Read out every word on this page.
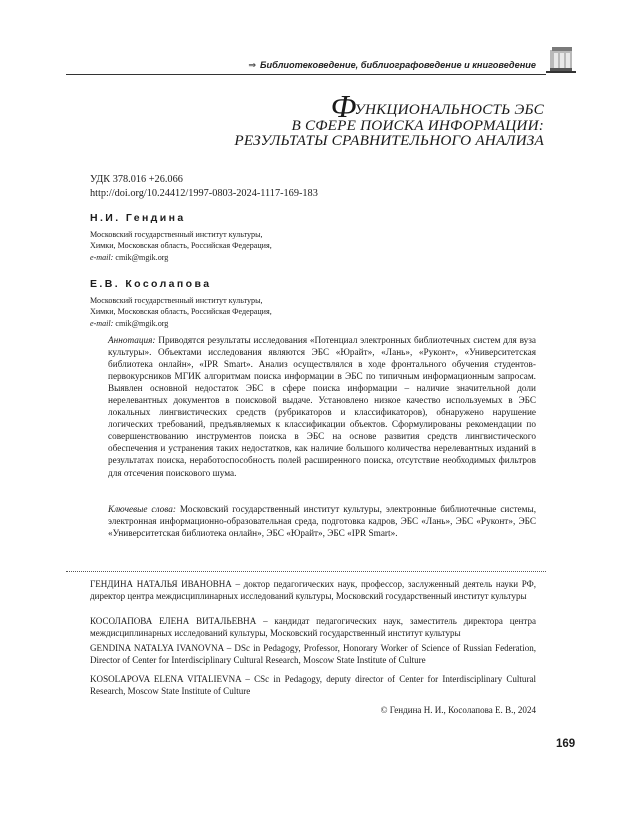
⇒ Библиотековедение, библиографоведение и книговедение
ФУНКЦИОНАЛЬНОСТЬ ЭБС
В СФЕРЕ ПОИСКА ИНФОРМАЦИИ:
РЕЗУЛЬТАТЫ СРАВНИТЕЛЬНОГО АНАЛИЗА
УДК 378.016 +26.066
http://doi.org/10.24412/1997-0803-2024-1117-169-183
Н.И. Гендина
Московский государственный институт культуры,
Химки, Московская область, Российская Федерация,
e-mail: cmik@mgik.org
Е.В. Косолапова
Московский государственный институт культуры,
Химки, Московская область, Российская Федерация,
e-mail: cmik@mgik.org
Аннотация: Приводятся результаты исследования «Потенциал электронных библиотечных систем для вуза культуры». Объектами исследования являются ЭБС «Юрайт», «Лань», «Руконт», «Университетская библиотека онлайн», «IPR Smart». Анализ осуществлялся в ходе фронтального обучения студентов-первокурсников МГИК алгоритмам поиска информации в ЭБС по типичным информационным запросам. Выявлен основной недостаток ЭБС в сфере поиска информации – наличие значительной доли нерелевантных документов в поисковой выдаче. Установлено низкое качество используемых в ЭБС локальных лингвистических средств (рубрикаторов и классификаторов), обнаружено нарушение логических требований, предъявляемых к классификации объектов. Сформулированы рекомендации по совершенствованию инструментов поиска в ЭБС на основе развития средств лингвистического обеспечения и устранения таких недостатков, как наличие большого количества нерелевантных изданий в результатах поиска, неработоспособность полей расширенного поиска, отсутствие необходимых фильтров для отсечения поискового шума.
Ключевые слова: Московский государственный институт культуры, электронные библиотечные системы, электронная информационно-образовательная среда, подготовка кадров, ЭБС «Лань», ЭБС «Руконт», ЭБС «Университетская библиотека онлайн», ЭБС «Юрайт», ЭБС «IPR Smart».
ГЕНДИНА НАТАЛЬЯ ИВАНОВНА – доктор педагогических наук, профессор, заслуженный деятель науки РФ, директор центра междисциплинарных исследований культуры, Московский государственный институт культуры
КОСОЛАПОВА ЕЛЕНА ВИТАЛЬЕВНА – кандидат педагогических наук, заместитель директора центра междисциплинарных исследований культуры, Московский государственный институт культуры
GENDINA NATALYA IVANOVNA – DSc in Pedagogy, Professor, Honorary Worker of Science of Russian Federation, Director of Center for Interdisciplinary Cultural Research, Moscow State Institute of Culture
KOSOLAPOVA ELENA VITALIEVNA – CSc in Pedagogy, deputy director of Center for Interdisciplinary Cultural Research, Moscow State Institute of Culture
© Гендина Н. И., Косолапова Е. В., 2024
169
